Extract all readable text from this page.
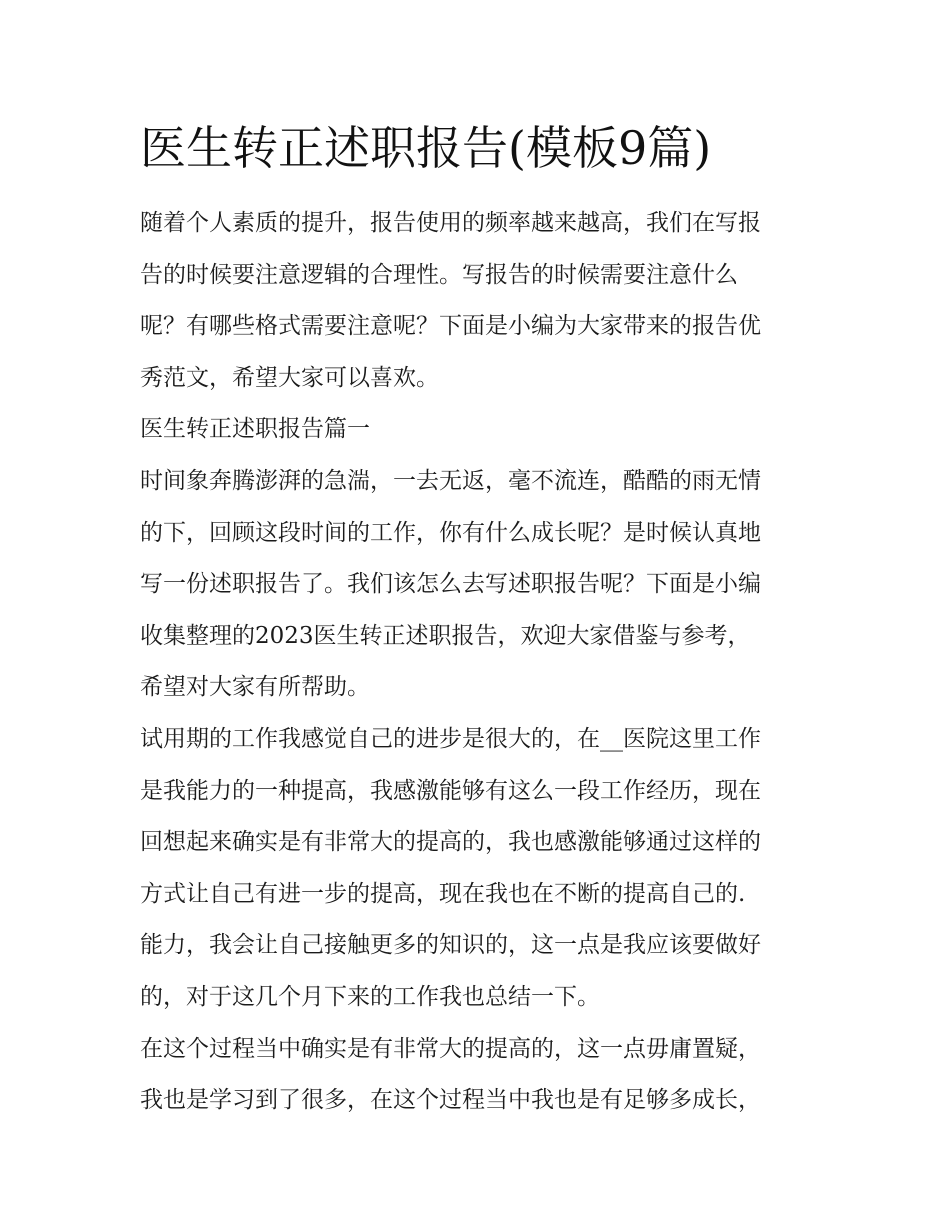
医生转正述职报告(模板9篇)

随着个人素质的提升，报告使用的频率越来越高，我们在写报
告的时候要注意逻辑的合理性。写报告的时候需要注意什么
呢？有哪些格式需要注意呢？下面是小编为大家带来的报告优
秀范文，希望大家可以喜欢。

医生转正述职报告篇一

时间象奔腾澎湃的急湍，一去无返，毫不流连，酷酷的雨无情
的下，回顾这段时间的工作，你有什么成长呢？是时候认真地
写一份述职报告了。我们该怎么去写述职报告呢？下面是小编
收集整理的2023医生转正述职报告，欢迎大家借鉴与参考，
希望对大家有所帮助。

试用期的工作我感觉自己的进步是很大的，在__医院这里工作
是我能力的一种提高，我感激能够有这么一段工作经历，现在
回想起来确实是有非常大的提高的，我也感激能够通过这样的
方式让自己有进一步的提高，现在我也在不断的提高自己的.
能力，我会让自己接触更多的知识的，这一点是我应该要做好
的，对于这几个月下来的工作我也总结一下。

在这个过程当中确实是有非常大的提高的，这一点毋庸置疑，
我也是学习到了很多，在这个过程当中我也是有足够多成长，
